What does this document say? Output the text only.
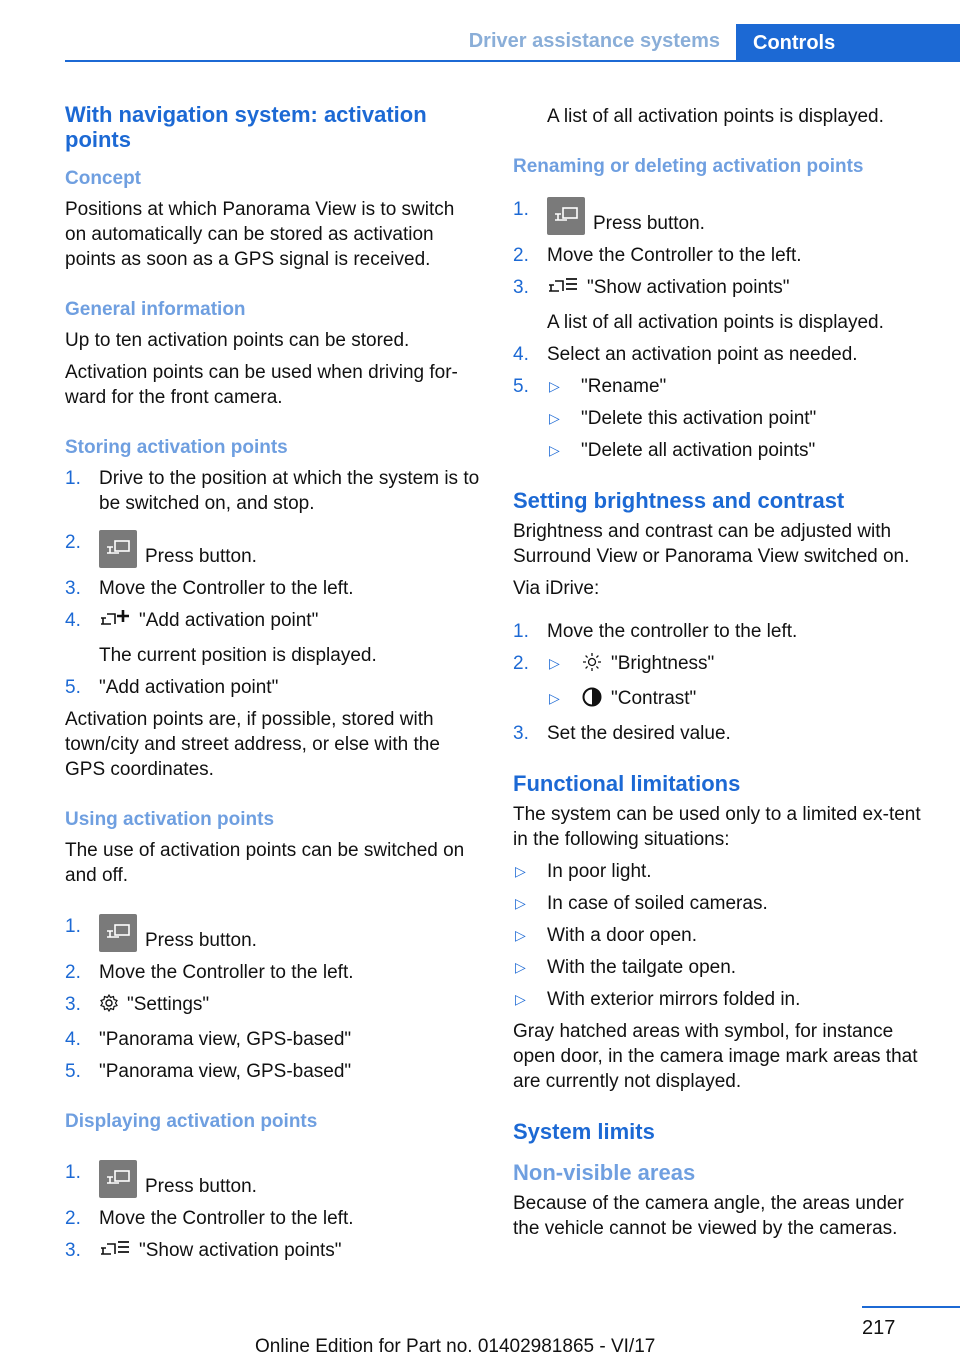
Driver assistance systems	Controls
With navigation system: activation points
Concept

Positions at which Panorama View is to switch on automatically can be stored as activation points as soon as a GPS signal is received.

General information

Up to ten activation points can be stored.

Activation points can be used when driving for‐ward for the front camera.

Storing activation points
1. Drive to the position at which the system is to be switched on, and stop.
2.
Press button.
3. Move the Controller to the left.
4.	"Add activation point"
The current position is displayed.
5. "Add activation point"

Activation points are, if possible, stored with town/city and street address, or else with the GPS coordinates.

Using activation points

The use of activation points can be switched on and off.

1.
Press button.
2. Move the Controller to the left.
3. "Settings"
4. "Panorama view, GPS-based"
5. "Panorama view, GPS-based"
Displaying activation points
1.
Press button.
2. Move the Controller to the left.
3.	"Show activation points"

A list of all activation points is displayed.

Renaming or deleting activation points
1.
Press button.
2. Move the Controller to the left.
3.	"Show activation points"
A list of all activation points is displayed.
4. Select an activation point as needed.
5. ▷ "Rename"
▷ "Delete this activation point"
▷ "Delete all activation points"
Setting brightness and contrast

Brightness and contrast can be adjusted with Surround View or Panorama View switched on.

Via iDrive:

1. Move the controller to the left.
2. ▷	"Brightness"
▷	"Contrast"
3. Set the desired value.
Functional limitations

The system can be used only to a limited ex‐tent in the following situations:

▷ In poor light.
▷ In case of soiled cameras.
▷ With a door open.
▷ With the tailgate open.
▷ With exterior mirrors folded in.

Gray hatched areas with symbol, for instance open door, in the camera image mark areas that are currently not displayed.

System limits
Non-visible areas

Because of the camera angle, the areas under the vehicle cannot be viewed by the cameras.

217
Online Edition for Part no. 01402981865 - VI/17
